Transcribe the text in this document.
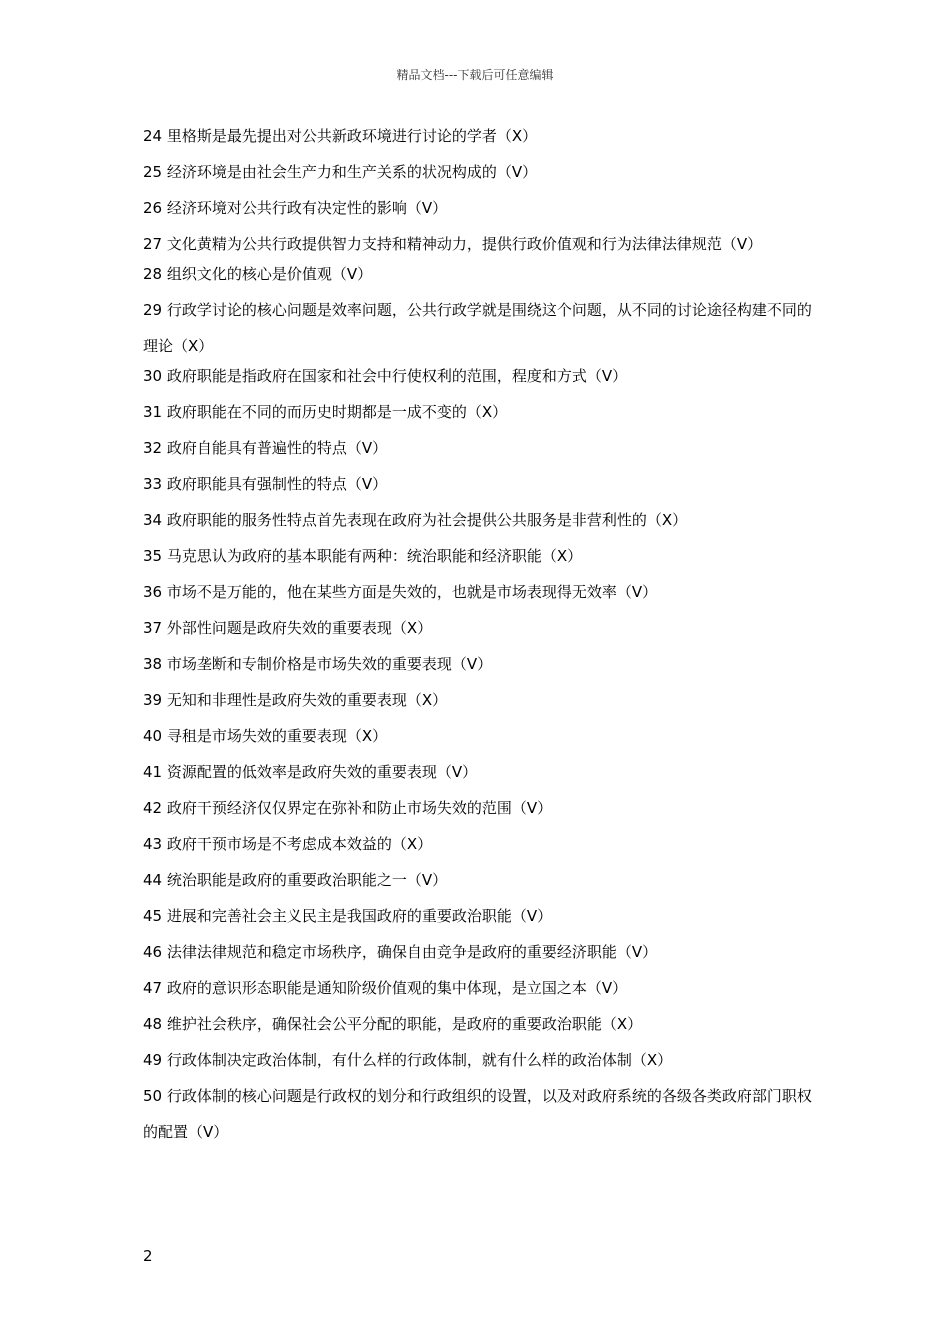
精品文档---下载后可任意编辑

24 里格斯是最先提出对公共新政环境进行讨论的学者（X）

25 经济环境是由社会生产力和生产关系的状况构成的（V）

26 经济环境对公共行政有决定性的影响（V）

27 文化黄精为公共行政提供智力支持和精神动力，提供行政价值观和行为法律法律规范（V）

28 组织文化的核心是价值观（V）

29 行政学讨论的核心问题是效率问题，公共行政学就是围绕这个问题，从不同的讨论途径构建不同的理论（X）

30 政府职能是指政府在国家和社会中行使权利的范围，程度和方式（V）

31 政府职能在不同的而历史时期都是一成不变的（X）

32 政府自能具有普遍性的特点（V）

33 政府职能具有强制性的特点（V）

34 政府职能的服务性特点首先表现在政府为社会提供公共服务是非营利性的（X）

35 马克思认为政府的基本职能有两种：统治职能和经济职能（X）

36 市场不是万能的，他在某些方面是失效的，也就是市场表现得无效率（V）

37 外部性问题是政府失效的重要表现（X）

38 市场垄断和专制价格是市场失效的重要表现（V）

39 无知和非理性是政府失效的重要表现（X）

40 寻租是市场失效的重要表现（X）

41 资源配置的低效率是政府失效的重要表现（V）

42 政府干预经济仅仅界定在弥补和防止市场失效的范围（V）

43 政府干预市场是不考虑成本效益的（X）

44 统治职能是政府的重要政治职能之一（V）

45 进展和完善社会主义民主是我国政府的重要政治职能（V）

46 法律法律规范和稳定市场秩序，确保自由竞争是政府的重要经济职能（V）

47 政府的意识形态职能是通知阶级价值观的集中体现，是立国之本（V）

48 维护社会秩序，确保社会公平分配的职能，是政府的重要政治职能（X）

49 行政体制决定政治体制，有什么样的行政体制，就有什么样的政治体制（X）

50 行政体制的核心问题是行政权的划分和行政组织的设置，以及对政府系统的各级各类政府部门职权的配置（V）

2
